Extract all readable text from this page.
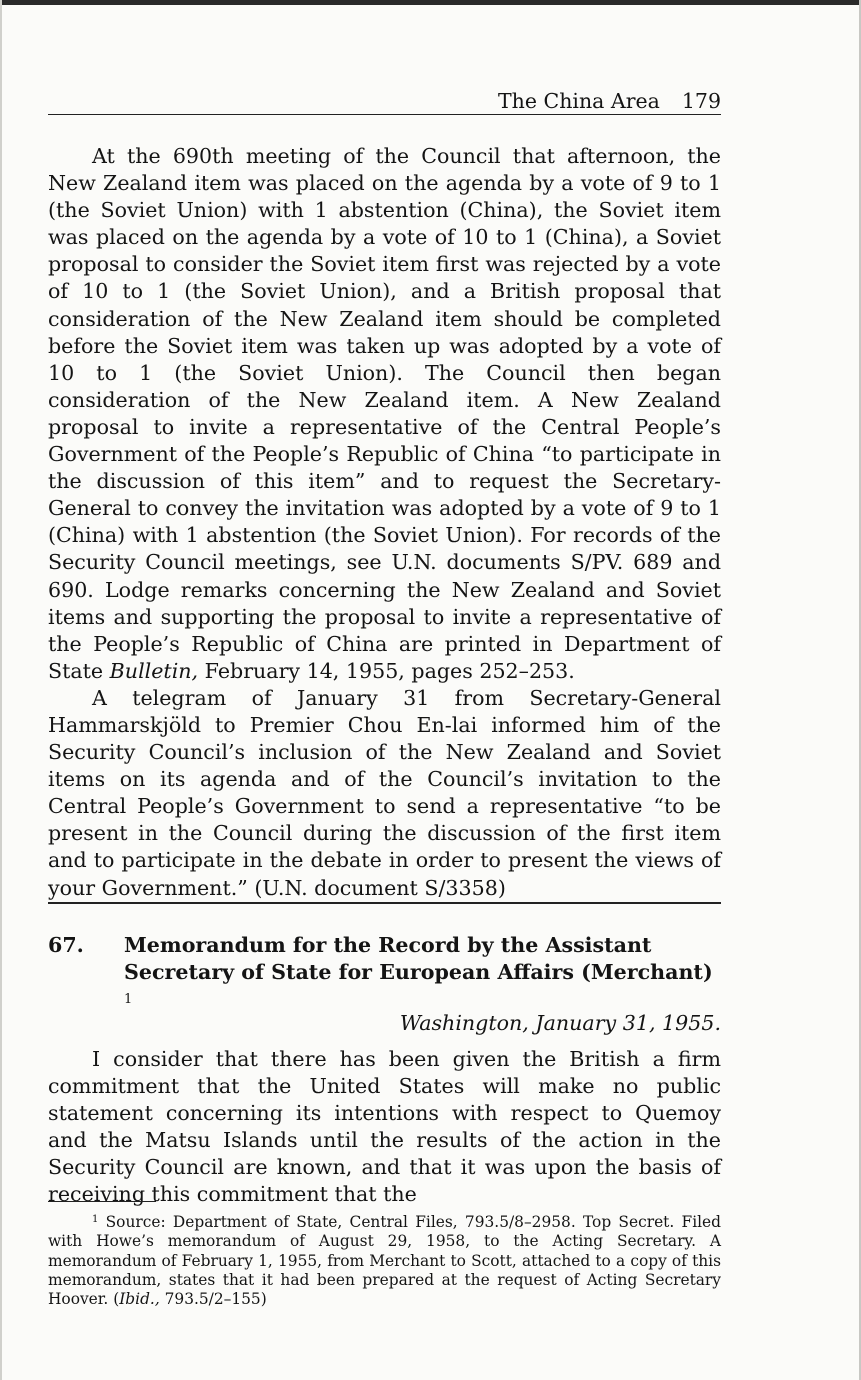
The China Area 179

At the 690th meeting of the Council that afternoon, the New Zealand item was placed on the agenda by a vote of 9 to 1 (the Soviet Union) with 1 abstention (China), the Soviet item was placed on the agenda by a vote of 10 to 1 (China), a Soviet proposal to consider the Soviet item first was rejected by a vote of 10 to 1 (the Soviet Union), and a British proposal that consideration of the New Zealand item should be completed before the Soviet item was taken up was adopted by a vote of 10 to 1 (the Soviet Union). The Council then began consideration of the New Zealand item. A New Zealand proposal to invite a representative of the Central People’s Government of the People’s Republic of China “to participate in the discussion of this item” and to request the Secretary-General to convey the invitation was adopted by a vote of 9 to 1 (China) with 1 abstention (the Soviet Union). For records of the Security Council meetings, see U.N. documents S/PV. 689 and 690. Lodge remarks concerning the New Zealand and Soviet items and supporting the proposal to invite a representative of the People’s Republic of China are printed in Department of State Bulletin, February 14, 1955, pages 252–253.

A telegram of January 31 from Secretary-General Hammarskjöld to Premier Chou En-lai informed him of the Security Council’s inclusion of the New Zealand and Soviet items on its agenda and of the Council’s invitation to the Central People’s Government to send a representative “to be present in the Council during the discussion of the first item and to participate in the debate in order to present the views of your Government.” (U.N. document S/3358)

67. Memorandum for the Record by the Assistant Secretary of State for European Affairs (Merchant) $^1$
Washington, January 31, 1955.

I consider that there has been given the British a firm commitment that the United States will make no public statement concerning its intentions with respect to Quemoy and the Matsu Islands until the results of the action in the Security Council are known, and that it was upon the basis of receiving this commitment that the

$^1$ Source: Department of State, Central Files, 793.5/8–2958. Top Secret. Filed with Howe’s memorandum of August 29, 1958, to the Acting Secretary. A memorandum of February 1, 1955, from Merchant to Scott, attached to a copy of this memorandum, states that it had been prepared at the request of Acting Secretary Hoover. (Ibid., 793.5/2–155)
